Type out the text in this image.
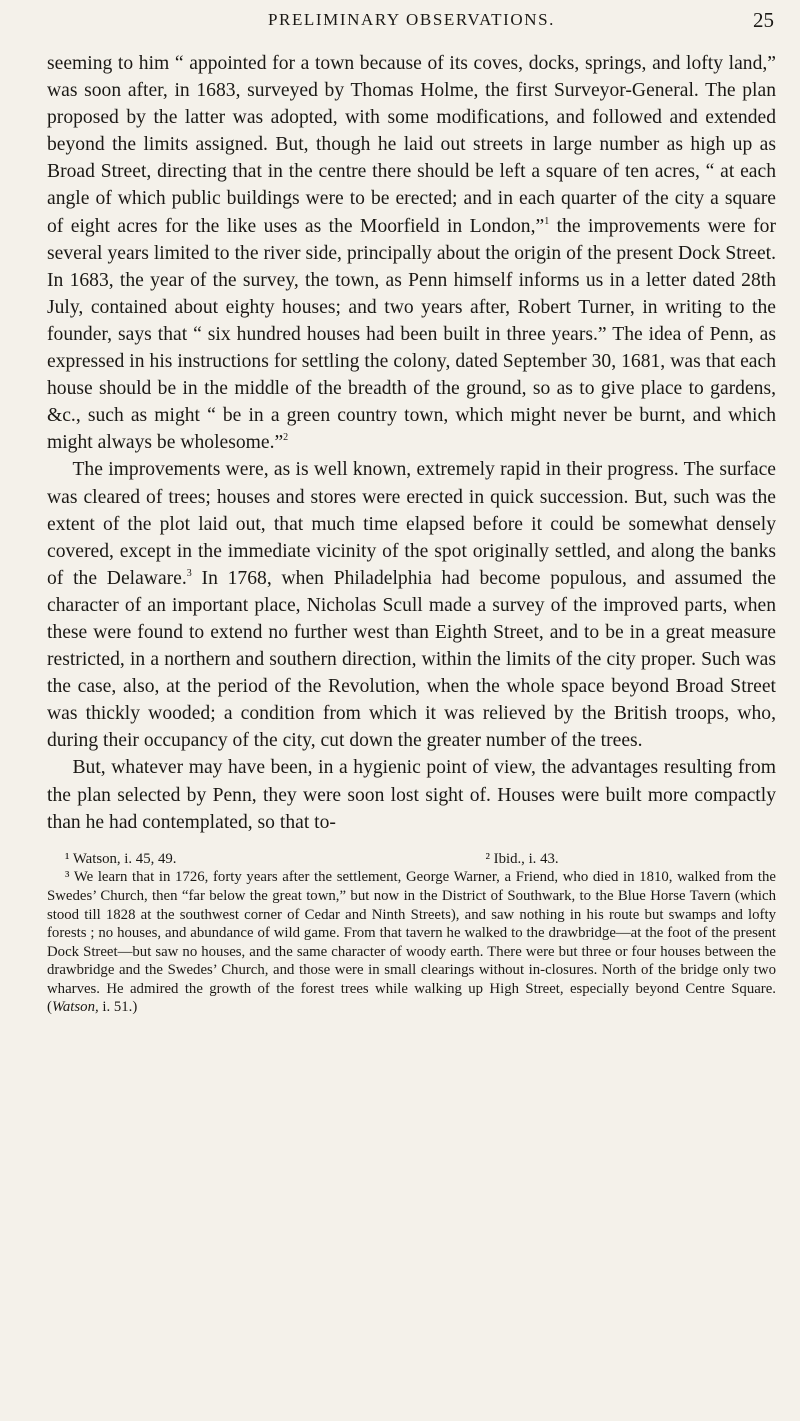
PRELIMINARY OBSERVATIONS.	25

seeming to him “ appointed for a town because of its coves, docks, springs, and lofty land,” was soon after, in 1683, surveyed by Thomas Holme, the first Surveyor-General. The plan proposed by the latter was adopted, with some modifications, and followed and extended beyond the limits assigned. But, though he laid out streets in large number as high up as Broad Street, directing that in the centre there should be left a square of ten acres, “ at each angle of which public buildings were to be erected; and in each quarter of the city a square of eight acres for the like uses as the Moorfield in London,”$^1$ the improvements were for several years limited to the river side, principally about the origin of the present Dock Street. In 1683, the year of the survey, the town, as Penn himself informs us in a letter dated 28th July, contained about eighty houses; and two years after, Robert Turner, in writing to the founder, says that “ six hundred houses had been built in three years.” The idea of Penn, as expressed in his instructions for settling the colony, dated September 30, 1681, was that each house should be in the middle of the breadth of the ground, so as to give place to gardens, &c., such as might “ be in a green country town, which might never be burnt, and which might always be wholesome.”$^2$

The improvements were, as is well known, extremely rapid in their progress. The surface was cleared of trees; houses and stores were erected in quick succession. But, such was the extent of the plot laid out, that much time elapsed before it could be somewhat densely covered, except in the immediate vicinity of the spot originally settled, and along the banks of the Delaware.$^3$ In 1768, when Philadelphia had become populous, and assumed the character of an important place, Nicholas Scull made a survey of the improved parts, when these were found to extend no further west than Eighth Street, and to be in a great measure restricted, in a northern and southern direction, within the limits of the city proper. Such was the case, also, at the period of the Revolution, when the whole space beyond Broad Street was thickly wooded; a condition from which it was relieved by the British troops, who, during their occupancy of the city, cut down the greater number of the trees.

But, whatever may have been, in a hygienic point of view, the advantages resulting from the plan selected by Penn, they were soon lost sight of. Houses were built more compactly than he had contemplated, so that to-

¹ Watson, i. 45, 49.	² Ibid., i. 43.

³ We learn that in 1726, forty years after the settlement, George Warner, a Friend, who died in 1810, walked from the Swedes’ Church, then “far below the great town,” but now in the District of Southwark, to the Blue Horse Tavern (which stood till 1828 at the southwest corner of Cedar and Ninth Streets), and saw nothing in his route but swamps and lofty forests ; no houses, and abundance of wild game. From that tavern he walked to the drawbridge—at the foot of the present Dock Street—but saw no houses, and the same character of woody earth. There were but three or four houses between the drawbridge and the Swedes’ Church, and those were in small clearings without in-closures. North of the bridge only two wharves. He admired the growth of the forest trees while walking up High Street, especially beyond Centre Square. (Watson, i. 51.)
